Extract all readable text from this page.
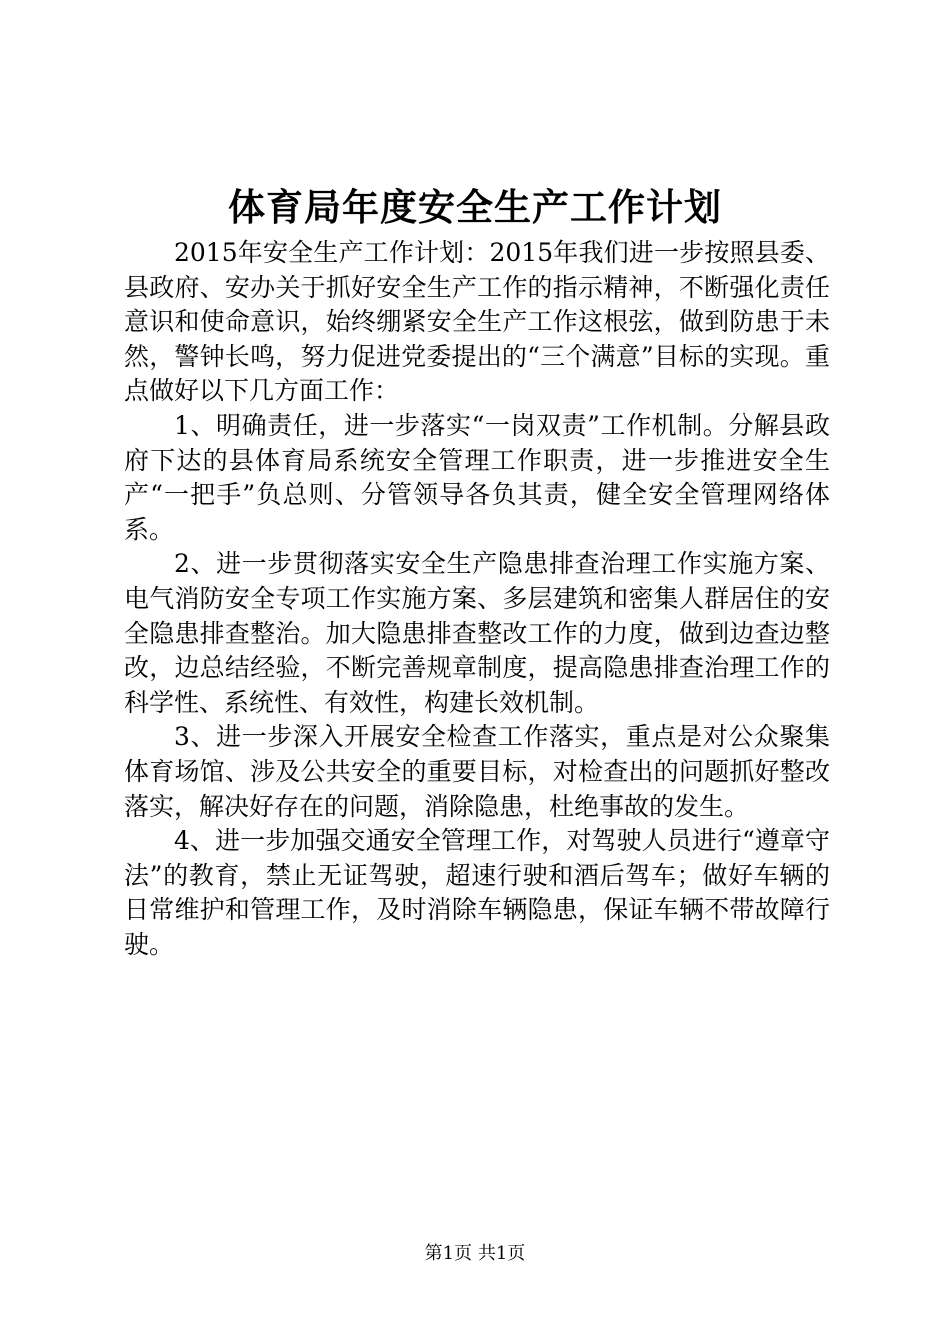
体育局年度安全生产工作计划

2015年安全生产工作计划：2015年我们进一步按照县委、县政府、安办关于抓好安全生产工作的指示精神，不断强化责任意识和使命意识，始终绷紧安全生产工作这根弦，做到防患于未然，警钟长鸣，努力促进党委提出的“三个满意”目标的实现。重点做好以下几方面工作：

1、明确责任，进一步落实“一岗双责”工作机制。分解县政府下达的县体育局系统安全管理工作职责，进一步推进安全生产“一把手”负总则、分管领导各负其责，健全安全管理网络体系。

2、进一步贯彻落实安全生产隐患排查治理工作实施方案、电气消防安全专项工作实施方案、多层建筑和密集人群居住的安全隐患排查整治。加大隐患排查整改工作的力度，做到边查边整改，边总结经验，不断完善规章制度，提高隐患排查治理工作的科学性、系统性、有效性，构建长效机制。

3、进一步深入开展安全检查工作落实，重点是对公众聚集体育场馆、涉及公共安全的重要目标，对检查出的问题抓好整改落实，解决好存在的问题，消除隐患，杜绝事故的发生。

4、进一步加强交通安全管理工作，对驾驶人员进行“遵章守法”的教育，禁止无证驾驶，超速行驶和酒后驾车；做好车辆的日常维护和管理工作，及时消除车辆隐患，保证车辆不带故障行驶。

第1页 共1页
